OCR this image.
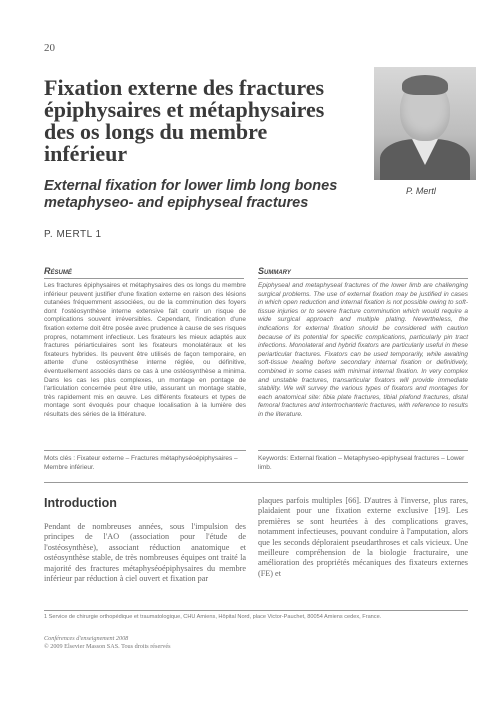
20
Fixation externe des fractures épiphysaires et métaphysaires des os longs du membre inférieur
External fixation for lower limb long bones metaphyseo- and epiphyseal fractures
P. Mertl
P. MERTL 1
Résumé	Summary

Les fractures épiphysaires et métaphysaires des os longs du membre inférieur peuvent justifier d'une fixation externe en raison des lésions cutanées fréquemment associées, ou de la comminution des foyers dont l'ostéosynthèse interne extensive fait courir un risque de complications souvent irréversibles. Cependant, l'indication d'une fixation externe doit être posée avec prudence à cause de ses risques propres, notamment infectieux. Les fixateurs les mieux adaptés aux fractures périarticulaires sont les fixateurs monolatéraux et les fixateurs hybrides. Ils peuvent être utilisés de façon temporaire, en attente d'une ostéosynthèse interne réglée, ou définitive, éventuellement associés dans ce cas à une ostéosynthèse a minima. Dans les cas les plus complexes, un montage en pontage de l'articulation concernée peut être utile, assurant un montage stable, très rapidement mis en œuvre. Les différents fixateurs et types de montage sont évoqués pour chaque localisation à la lumière des résultats des séries de la littérature.

Epiphyseal and metaphyseal fractures of the lower limb are challenging surgical problems. The use of external fixation may be justified in cases in which open reduction and internal fixation is not possible owing to soft-tissue injuries or to severe fracture comminution which would require a wide surgical approach and multiple plating. Nevertheless, the indications for external fixation should be considered with caution because of its potential for specific complications, particularly pin tract infections. Monolateral and hybrid fixators are particularly useful in these periarticular fractures. Fixators can be used temporarily, while awaiting soft-tissue healing before secondary internal fixation or definitively, combined in some cases with minimal internal fixation. In very complex and unstable fractures, transarticular fixators will provide immediate stability. We will survey the various types of fixators and montages for each anatomical site: tibia plate fractures, tibial plafond fractures, distal femoral fractures and intertrochanteric fractures, with reference to results in the literature.

Mots clés : Fixateur externe – Fractures métaphyséoépiphysaires – Membre inférieur.

Keywords: External fixation – Metaphyseo-epiphyseal fractures – Lower limb.

Introduction

Pendant de nombreuses années, sous l'impulsion des principes de l'AO (association pour l'étude de l'ostéosynthèse), associant réduction anatomique et ostéosynthèse stable, de très nombreuses équipes ont traité la majorité des fractures métaphyséoépiphysaires du membre inférieur par réduction à ciel ouvert et fixation par

plaques parfois multiples [66]. D'autres à l'inverse, plus rares, plaidaient pour une fixation externe exclusive [19]. Les premières se sont heurtées à des complications graves, notamment infectieuses, pouvant conduire à l'amputation, alors que les seconds déploraient pseudarthroses et cals vicieux. Une meilleure compréhension de la biologie fracturaire, une amélioration des propriétés mécaniques des fixateurs externes (FE) et

1 Service de chirurgie orthopédique et traumatologique, CHU Amiens, Hôpital Nord, place Victor-Pauchet, 80054 Amiens cedex, France.

Conférences d'enseignement 2008
© 2009 Elsevier Masson SAS. Tous droits réservés
